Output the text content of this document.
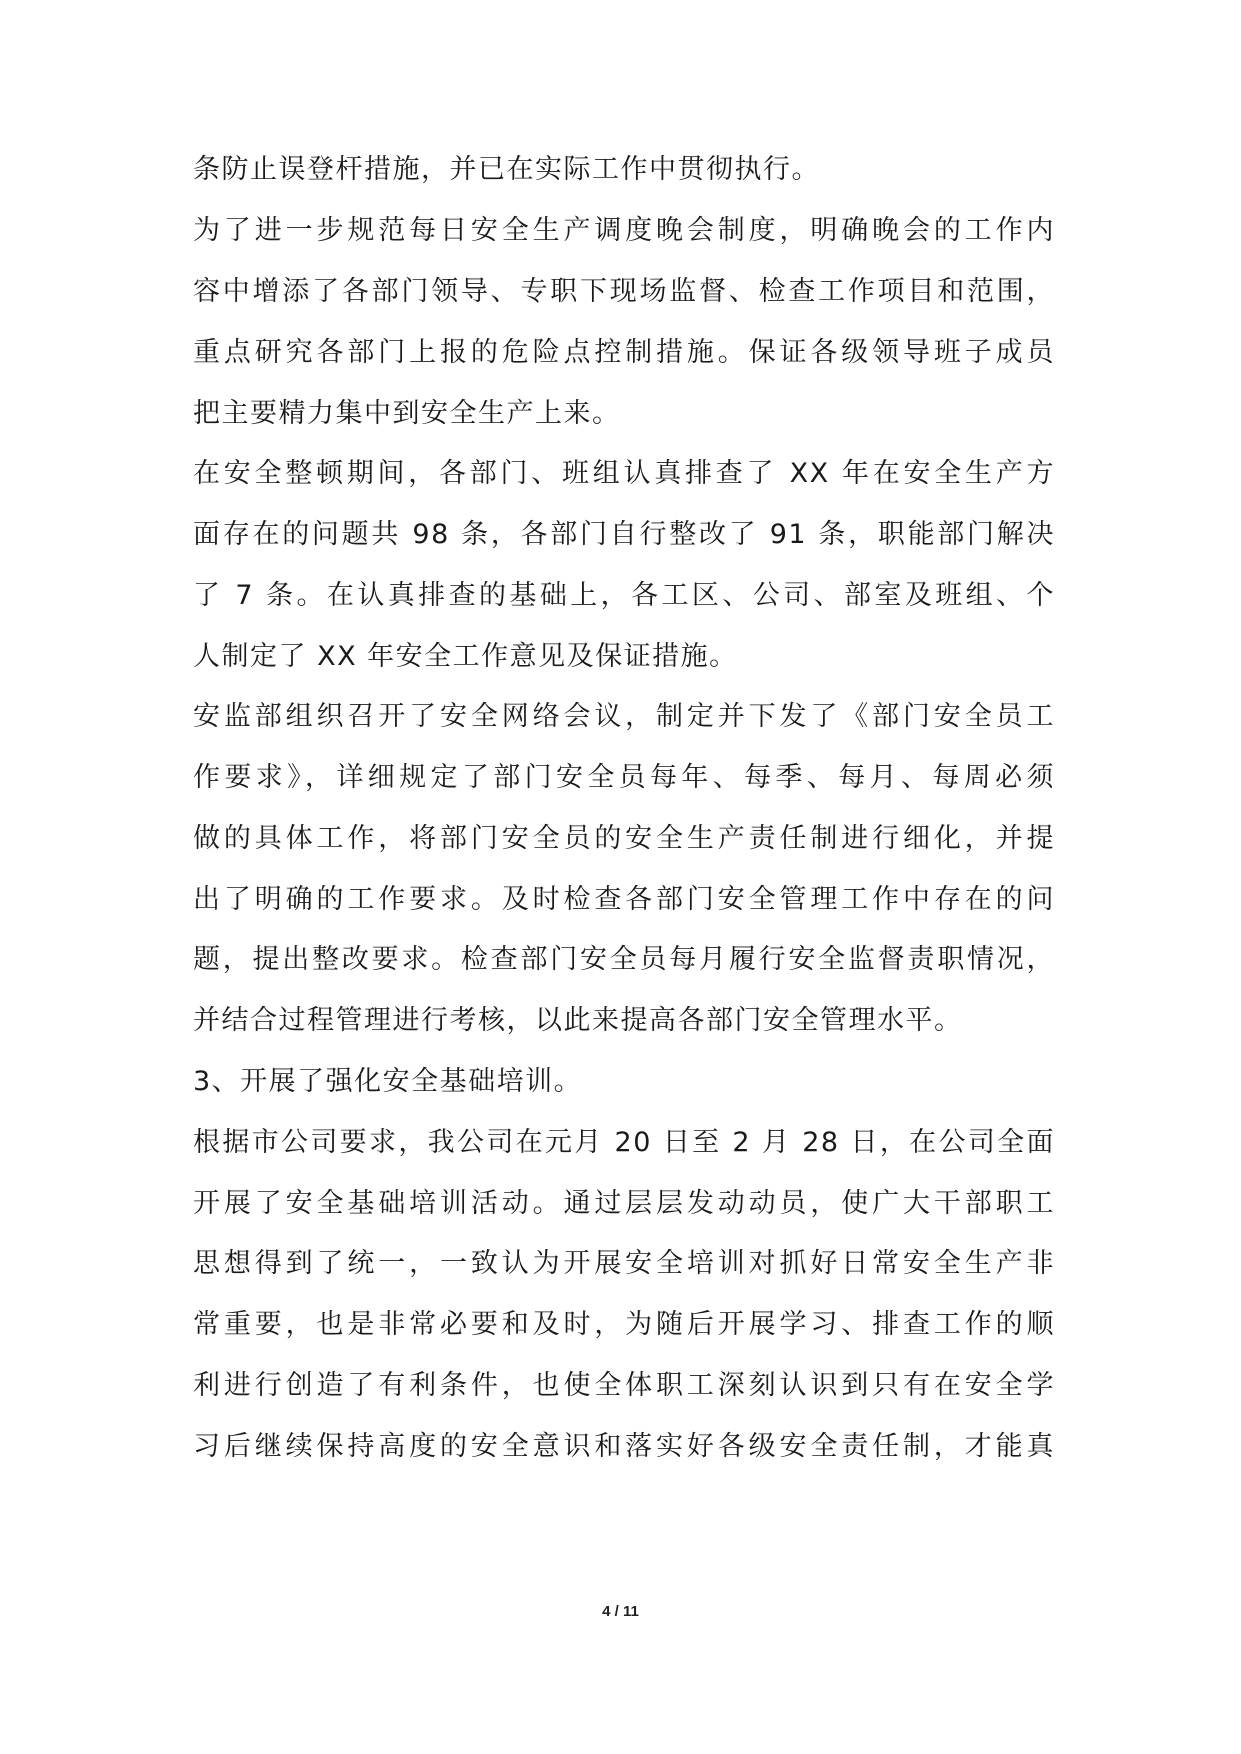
条防止误登杆措施，并已在实际工作中贯彻执行。
为了进一步规范每日安全生产调度晚会制度，明确晚会的工作内
容中增添了各部门领导、专职下现场监督、检查工作项目和范围，
重点研究各部门上报的危险点控制措施。保证各级领导班子成员
把主要精力集中到安全生产上来。
在安全整顿期间，各部门、班组认真排查了 XX 年在安全生产方
面存在的问题共 98 条，各部门自行整改了 91 条，职能部门解决
了 7 条。在认真排查的基础上，各工区、公司、部室及班组、个
人制定了 XX 年安全工作意见及保证措施。
安监部组织召开了安全网络会议，制定并下发了《部门安全员工
作要求》，详细规定了部门安全员每年、每季、每月、每周必须
做的具体工作，将部门安全员的安全生产责任制进行细化，并提
出了明确的工作要求。及时检查各部门安全管理工作中存在的问
题，提出整改要求。检查部门安全员每月履行安全监督责职情况，
并结合过程管理进行考核，以此来提高各部门安全管理水平。
3、开展了强化安全基础培训。
根据市公司要求，我公司在元月 20 日至 2 月 28 日，在公司全面
开展了安全基础培训活动。通过层层发动动员，使广大干部职工
思想得到了统一，一致认为开展安全培训对抓好日常安全生产非
常重要，也是非常必要和及时，为随后开展学习、排查工作的顺
利进行创造了有利条件，也使全体职工深刻认识到只有在安全学
习后继续保持高度的安全意识和落实好各级安全责任制，才能真
4 / 11
